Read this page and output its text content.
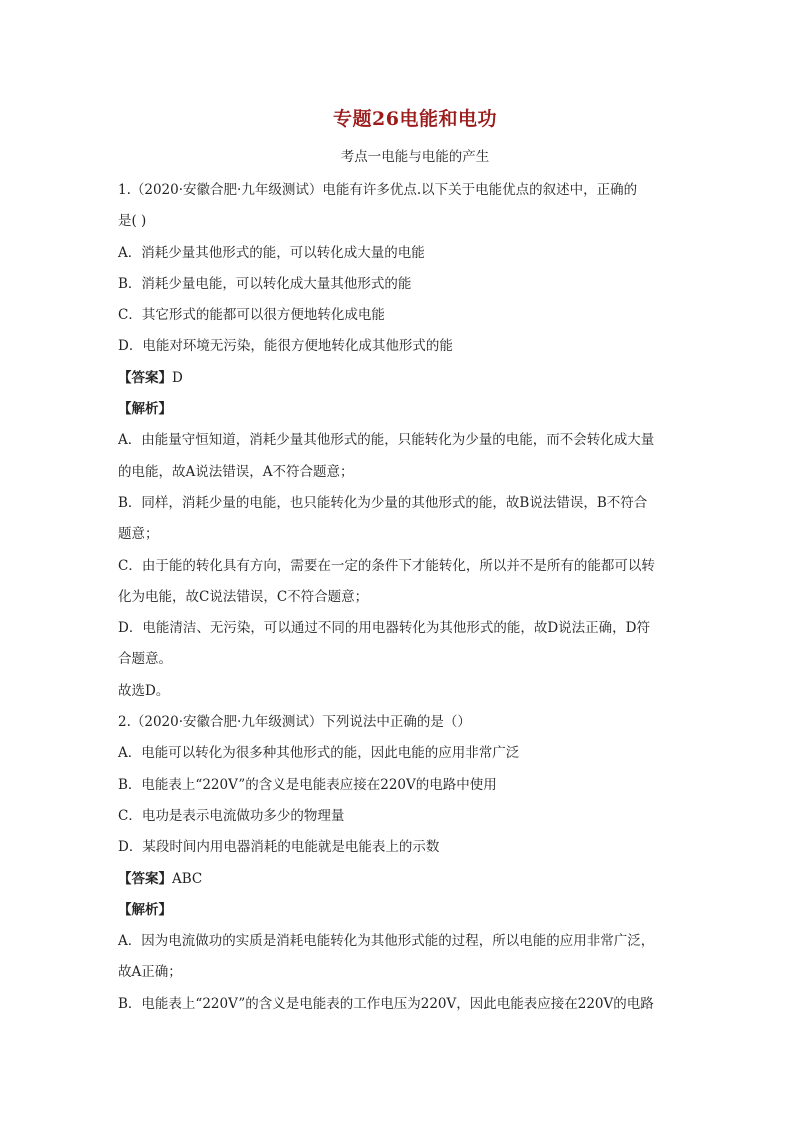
专题26电能和电功
考点一电能与电能的产生
1.（2020·安徽合肥·九年级测试）电能有许多优点.以下关于电能优点的叙述中，正确的
是( )
A．消耗少量其他形式的能，可以转化成大量的电能
B．消耗少量电能，可以转化成大量其他形式的能
C．其它形式的能都可以很方便地转化成电能
D．电能对环境无污染，能很方便地转化成其他形式的能
【答案】D
【解析】
A．由能量守恒知道，消耗少量其他形式的能，只能转化为少量的电能，而不会转化成大量
的电能，故A说法错误，A不符合题意；
B．同样，消耗少量的电能，也只能转化为少量的其他形式的能，故B说法错误，B不符合
题意；
C．由于能的转化具有方向，需要在一定的条件下才能转化，所以并不是所有的能都可以转
化为电能，故C说法错误，C不符合题意；
D．电能清洁、无污染，可以通过不同的用电器转化为其他形式的能，故D说法正确，D符
合题意。
故选D。
2.（2020·安徽合肥·九年级测试）下列说法中正确的是（）
A．电能可以转化为很多种其他形式的能，因此电能的应用非常广泛
B．电能表上“220V”的含义是电能表应接在220V的电路中使用
C．电功是表示电流做功多少的物理量
D．某段时间内用电器消耗的电能就是电能表上的示数
【答案】ABC
【解析】
A．因为电流做功的实质是消耗电能转化为其他形式能的过程，所以电能的应用非常广泛，
故A正确；
B．电能表上“220V”的含义是电能表的工作电压为220V，因此电能表应接在220V的电路
